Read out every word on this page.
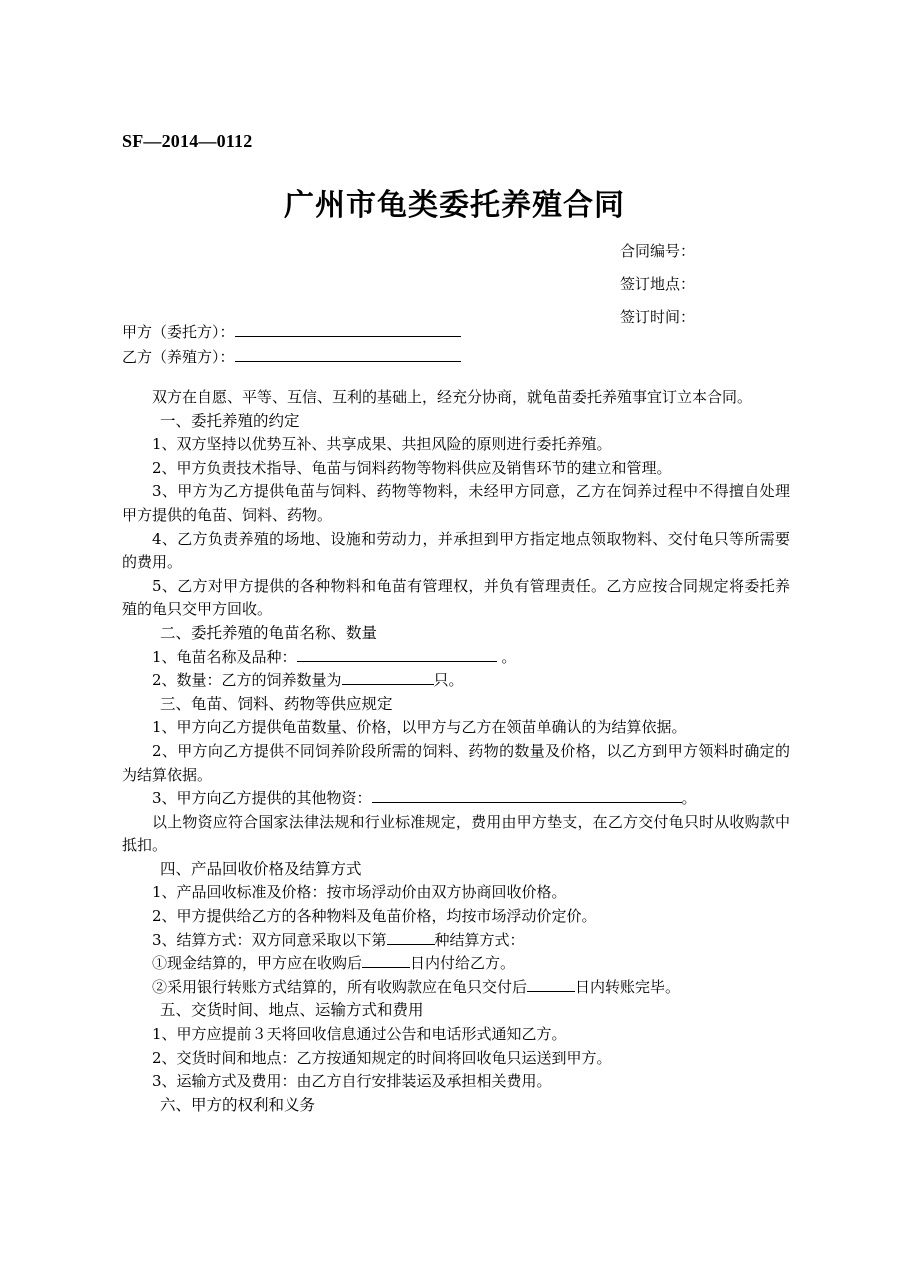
SF—2014—0112
广州市龟类委托养殖合同
合同编号：
签订地点：
签订时间：
甲方（委托方）：
乙方（养殖方）：

双方在自愿、平等、互信、互利的基础上，经充分协商，就龟苗委托养殖事宜订立本合同。

一、委托养殖的约定

1、双方坚持以优势互补、共享成果、共担风险的原则进行委托养殖。

2、甲方负责技术指导、龟苗与饲料药物等物料供应及销售环节的建立和管理。

3、甲方为乙方提供龟苗与饲料、药物等物料，未经甲方同意，乙方在饲养过程中不得擅自处理甲方提供的龟苗、饲料、药物。

4、乙方负责养殖的场地、设施和劳动力，并承担到甲方指定地点领取物料、交付龟只等所需要的费用。

5、乙方对甲方提供的各种物料和龟苗有管理权，并负有管理责任。乙方应按合同规定将委托养殖的龟只交甲方回收。

二、委托养殖的龟苗名称、数量

1、龟苗名称及品种：	。

2、数量：乙方的饲养数量为	只。

三、龟苗、饲料、药物等供应规定

1、甲方向乙方提供龟苗数量、价格，以甲方与乙方在领苗单确认的为结算依据。

2、甲方向乙方提供不同饲养阶段所需的饲料、药物的数量及价格，以乙方到甲方领料时确定的为结算依据。

3、甲方向乙方提供的其他物资：	。

以上物资应符合国家法律法规和行业标准规定，费用由甲方垫支，在乙方交付龟只时从收购款中抵扣。

四、产品回收价格及结算方式

1、产品回收标准及价格：按市场浮动价由双方协商回收价格。

2、甲方提供给乙方的各种物料及龟苗价格，均按市场浮动价定价。

3、结算方式：双方同意采取以下第	种结算方式：

①现金结算的，甲方应在收购后	日内付给乙方。

②采用银行转账方式结算的，所有收购款应在龟只交付后	日内转账完毕。

五、交货时间、地点、运输方式和费用

1、甲方应提前３天将回收信息通过公告和电话形式通知乙方。

2、交货时间和地点：乙方按通知规定的时间将回收龟只运送到甲方。

3、运输方式及费用：由乙方自行安排装运及承担相关费用。

六、甲方的权利和义务
